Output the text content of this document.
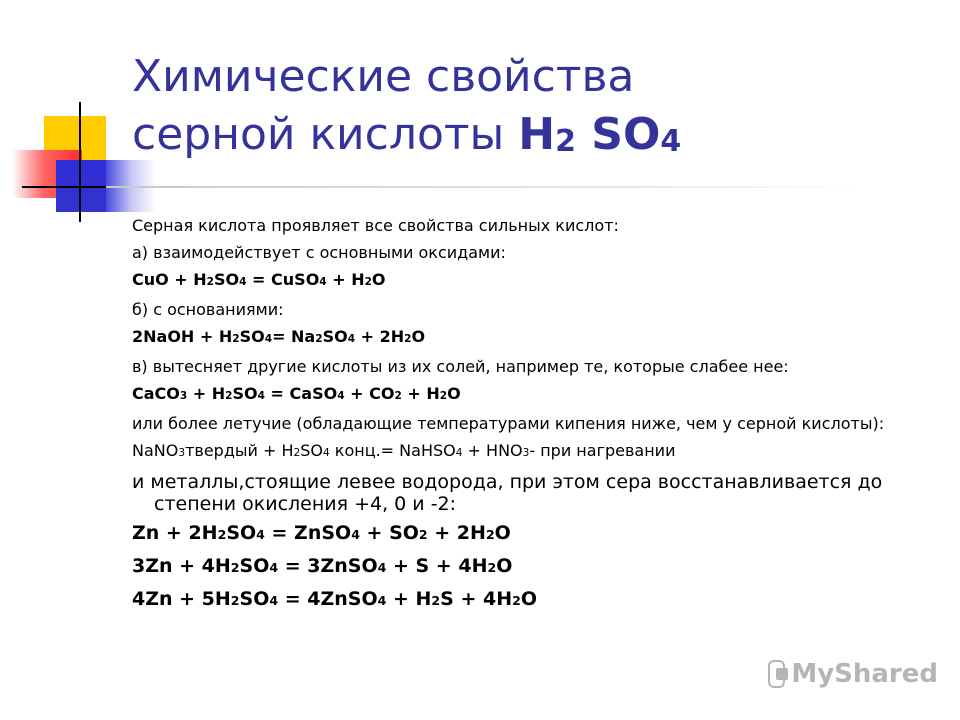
Химические свойства
серной кислоты $H_2$ $SO_4$
Серная кислота проявляет все свойства сильных кислот:
а) взаимодействует с основными оксидами:
CuO + H2SO4 = CuSO4 + H2O
б) с основаниями:
2NaOH + H2SO4= Na2SO4 + 2H2O
в) вытесняет другие кислоты из их солей, например те, которые слабее нее:
CaCO3 + H2SO4 = CaSO4 + CO2 + H2O
или более летучие (обладающие температурами кипения ниже, чем у серной кислоты):
NaNO3твердый + H2SO4 конц.= NaHSO4 + HNO3- при нагревании
и металлы,стоящие левее водорода, при этом сера восстанавливается до степени окисления +4, 0 и -2:
Zn + 2H2SO4 = ZnSO4 + SO2 + 2H2O
3Zn + 4H2SO4 = 3ZnSO4 + S + 4H2O
4Zn + 5H2SO4 = 4ZnSO4 + H2S + 4H2O
MyShared
